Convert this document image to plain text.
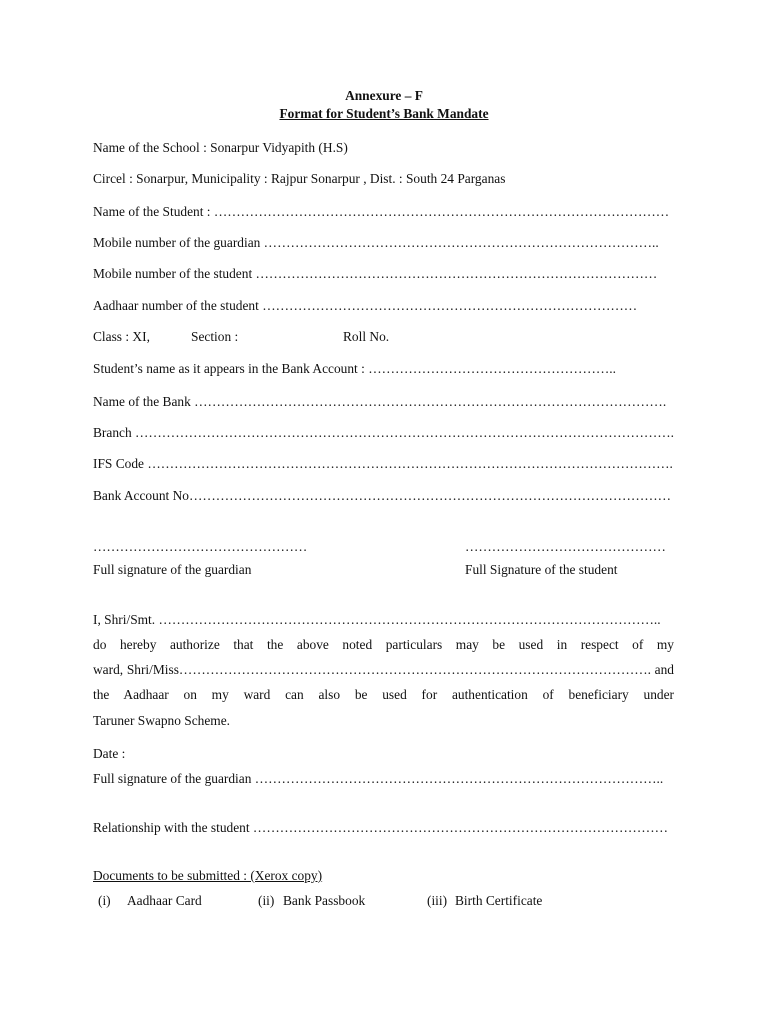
Annexure – F
Format for Student’s Bank Mandate
Name of the School : Sonarpur Vidyapith (H.S)
Circel : Sonarpur, Municipality : Rajpur Sonarpur , Dist. : South 24 Parganas
Name of the Student : …………………………………………………………………………………………
Mobile number of the guardian ……………………………………………………………………………..
Mobile number of the student ………………………………………………………………………………
Aadhaar number of the student …………………………………………………………………………
Class : XI,	Section :	Roll No.
Student’s name as it appears in the Bank Account : ………………………………………………..
Name of the Bank …………………………………………………………………………………………….
Branch ………………………………………………………………………………………………………….
IFS Code ……………………………………………………………………………………………………….
Bank Account No………………………………………………………………………………………………
…………………………………………	………………………………………
Full signature of the guardian	Full Signature of the student
I, Shri/Smt. …………………………………………………………………………………………………..
do hereby authorize that the above noted particulars may be used in respect of my
ward, Shri/Miss……………………………………………………………………………………………. and
the Aadhaar on my ward can also be used for authentication of beneficiary under
Taruner Swapno Scheme.
Date :
Full signature of the guardian ………………………………………………………………………………..
Relationship with the student …………………………………………………………………………………
Documents to be submitted : (Xerox copy)
(i) Aadhaar Card	(ii) Bank Passbook	(iii) Birth Certificate
